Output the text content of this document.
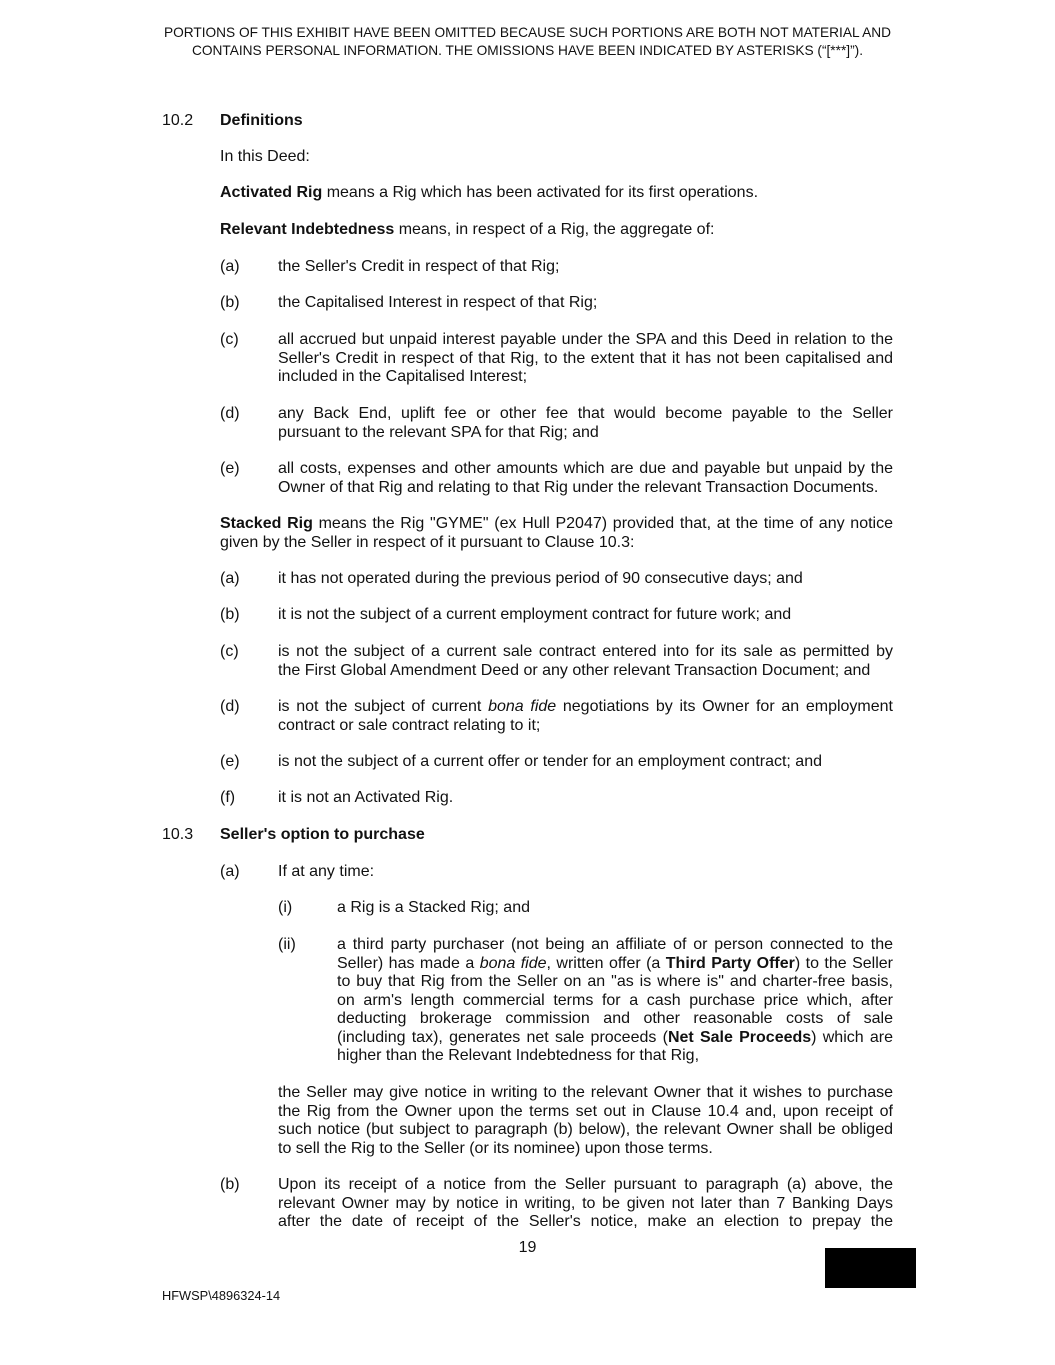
PORTIONS OF THIS EXHIBIT HAVE BEEN OMITTED BECAUSE SUCH PORTIONS ARE BOTH NOT MATERIAL AND
CONTAINS PERSONAL INFORMATION. THE OMISSIONS HAVE BEEN INDICATED BY ASTERISKS (“[***]”).
10.2 Definitions
In this Deed:
Activated Rig means a Rig which has been activated for its first operations.
Relevant Indebtedness means, in respect of a Rig, the aggregate of:
(a) the Seller's Credit in respect of that Rig;
(b) the Capitalised Interest in respect of that Rig;
(c) all accrued but unpaid interest payable under the SPA and this Deed in relation to the
Seller's Credit in respect of that Rig, to the extent that it has not been capitalised and
included in the Capitalised Interest;
(d) any Back End, uplift fee or other fee that would become payable to the Seller
pursuant to the relevant SPA for that Rig; and
(e) all costs, expenses and other amounts which are due and payable but unpaid by the
Owner of that Rig and relating to that Rig under the relevant Transaction Documents.
Stacked Rig means the Rig "GYME" (ex Hull P2047) provided that, at the time of any notice
given by the Seller in respect of it pursuant to Clause 10.3:
(a) it has not operated during the previous period of 90 consecutive days; and
(b) it is not the subject of a current employment contract for future work; and
(c) is not the subject of a current sale contract entered into for its sale as permitted by
the First Global Amendment Deed or any other relevant Transaction Document; and
(d) is not the subject of current bona fide negotiations by its Owner for an employment
contract or sale contract relating to it;
(e) is not the subject of a current offer or tender for an employment contract; and
(f)	it is not an Activated Rig.
10.3 Seller's option to purchase
(a) If at any time:
(i)	a Rig is a Stacked Rig; and
(ii)	a third party purchaser (not being an affiliate of or person connected to the
Seller) has made a bona fide, written offer (a Third Party Offer) to the Seller
to buy that Rig from the Seller on an "as is where is" and charter-free basis,
on arm's length commercial terms for a cash purchase price which, after
deducting brokerage commission and other reasonable costs of sale
(including tax), generates net sale proceeds (Net Sale Proceeds) which are
higher than the Relevant Indebtedness for that Rig,
the Seller may give notice in writing to the relevant Owner that it wishes to purchase
the Rig from the Owner upon the terms set out in Clause 10.4 and, upon receipt of
such notice (but subject to paragraph (b) below), the relevant Owner shall be obliged
to sell the Rig to the Seller (or its nominee) upon those terms.
(b) Upon its receipt of a notice from the Seller pursuant to paragraph (a) above, the
relevant Owner may by notice in writing, to be given not later than 7 Banking Days
after the date of receipt of the Seller's notice, make an election to prepay the
19
HFWSP\4896324-14
